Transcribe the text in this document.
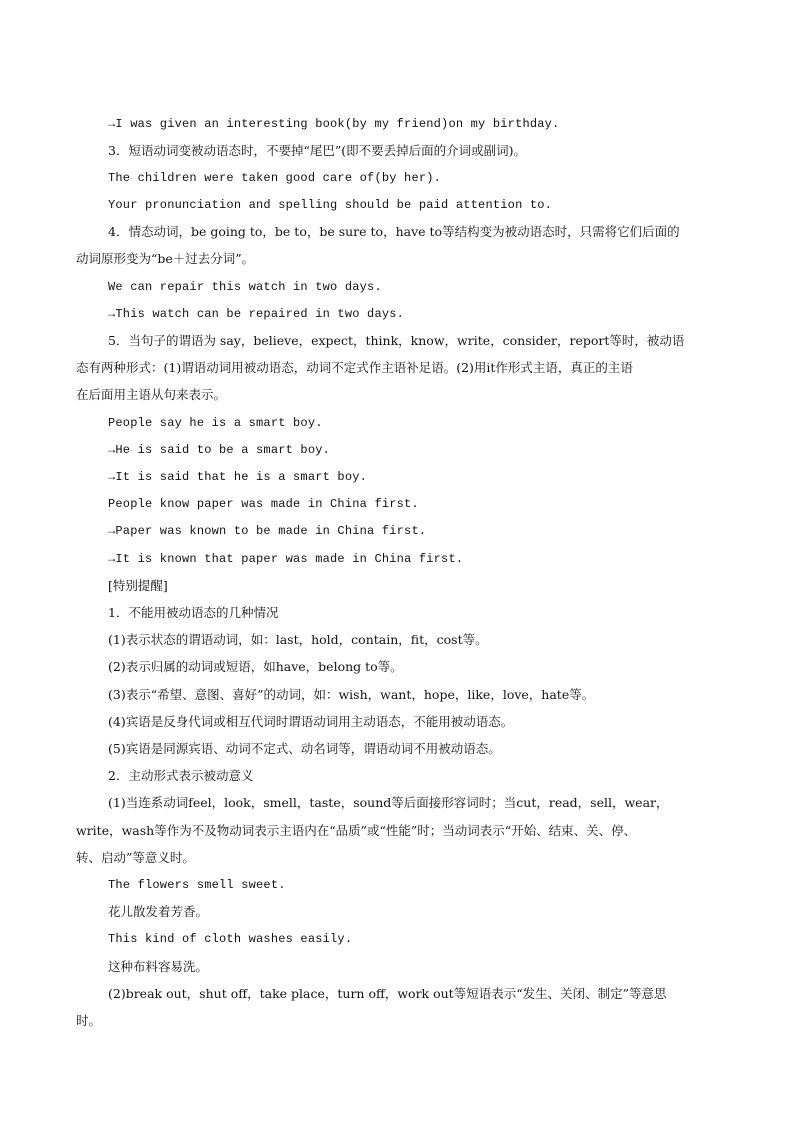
→I was given an interesting book(by my friend)on my birthday.
3．短语动词变被动语态时，不要掉“尾巴”(即不要丢掉后面的介词或副词)。
The children were taken good care of(by her).
Your pronunciation and spelling should be paid attention to.
4．情态动词，be going to，be to，be sure to，have to等结构变为被动语态时，只需将它们后面的
动词原形变为“be＋过去分词”。
We can repair this watch in two days.
→This watch can be repaired in two days.
5．当句子的谓语为 say，believe，expect，think，know，write，consider，report等时，被动语
态有两种形式：(1)谓语动词用被动语态，动词不定式作主语补足语。(2)用it作形式主语，真正的主语
在后面用主语从句来表示。
People say he is a smart boy.
→He is said to be a smart boy.
→It is said that he is a smart boy.
People know paper was made in China first.
→Paper was known to be made in China first.
→It is known that paper was made in China first.
[特别提醒]
1．不能用被动语态的几种情况
(1)表示状态的谓语动词，如：last，hold，contain，fit，cost等。
(2)表示归属的动词或短语，如have，belong to等。
(3)表示“希望、意图、喜好”的动词，如：wish，want，hope，like，love，hate等。
(4)宾语是反身代词或相互代词时谓语动词用主动语态，不能用被动语态。
(5)宾语是同源宾语、动词不定式、动名词等，谓语动词不用被动语态。
2．主动形式表示被动意义
(1)当连系动词feel，look，smell，taste，sound等后面接形容词时；当cut，read，sell，wear，
write，wash等作为不及物动词表示主语内在“品质”或“性能”时；当动词表示“开始、结束、关、停、
转、启动”等意义时。
The flowers smell sweet.
花儿散发着芳香。
This kind of cloth washes easily.
这种布料容易洗。
(2)break out，shut off，take place，turn off，work out等短语表示“发生、关闭、制定”等意思
时。
